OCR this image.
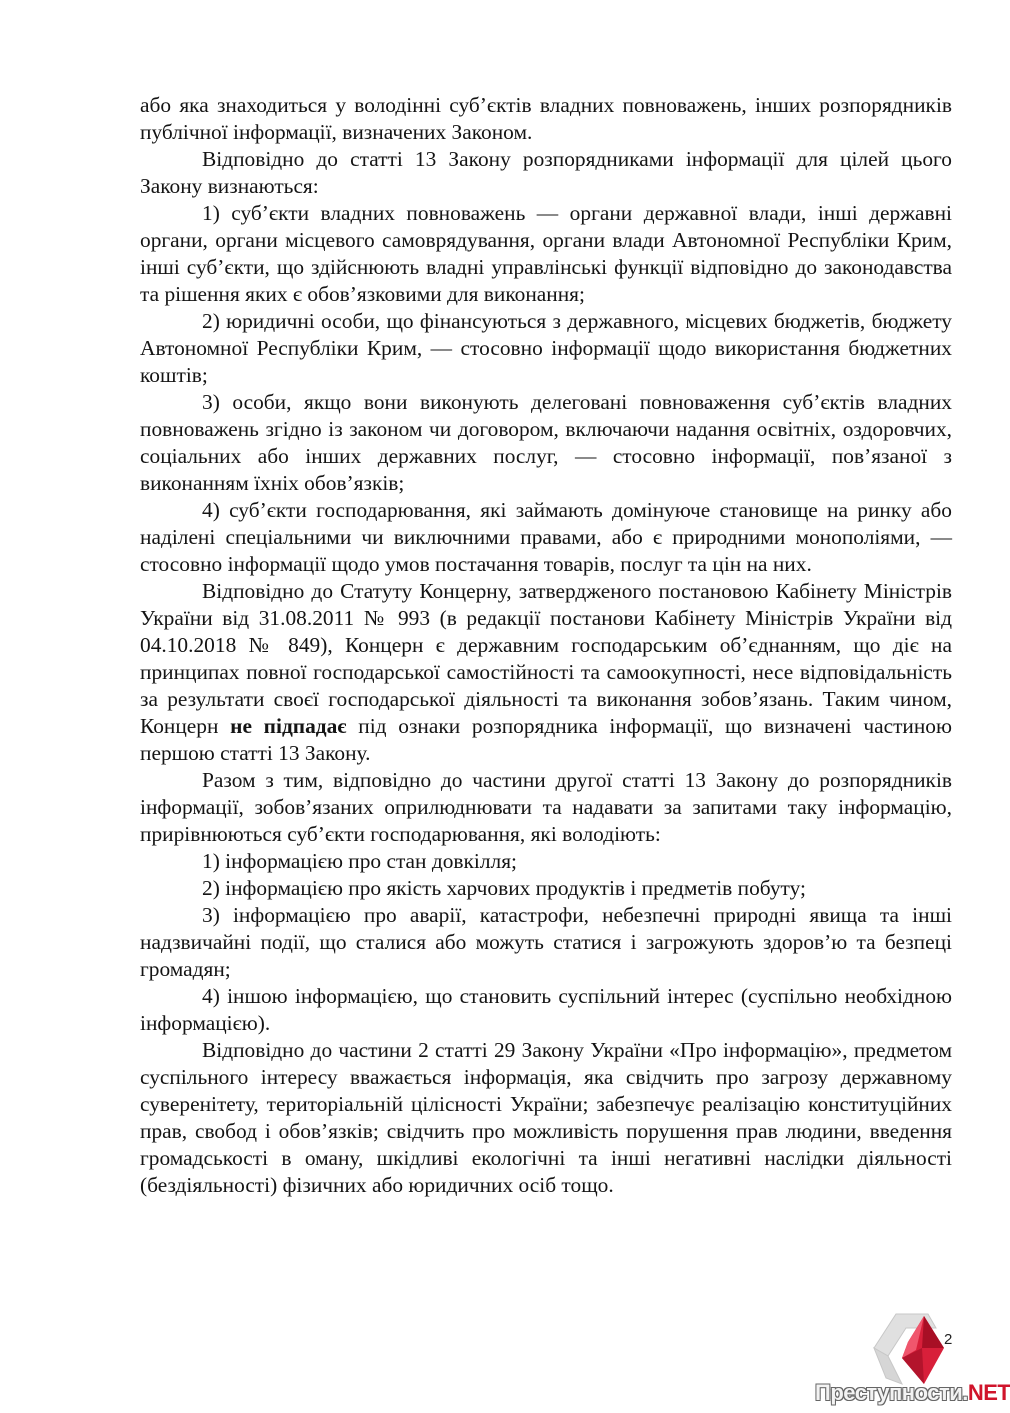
або яка знаходиться у володінні суб’єктів владних повноважень, інших розпорядників публічної інформації, визначених Законом.

Відповідно до статті 13 Закону розпорядниками інформації для цілей цього Закону визнаються:

1) суб’єкти владних повноважень — органи державної влади, інші державні органи, органи місцевого самоврядування, органи влади Автономної Республіки Крим, інші суб’єкти, що здійснюють владні управлінські функції відповідно до законодавства та рішення яких є обов’язковими для виконання;

2) юридичні особи, що фінансуються з державного, місцевих бюджетів, бюджету Автономної Республіки Крим, — стосовно інформації щодо використання бюджетних коштів;

3) особи, якщо вони виконують делеговані повноваження суб’єктів владних повноважень згідно із законом чи договором, включаючи надання освітніх, оздоровчих, соціальних або інших державних послуг, — стосовно інформації, пов’язаної з виконанням їхніх обов’язків;

4) суб’єкти господарювання, які займають домінуюче становище на ринку або наділені спеціальними чи виключними правами, або є природними монополіями, — стосовно інформації щодо умов постачання товарів, послуг та цін на них.

Відповідно до Статуту Концерну, затвердженого постановою Кабінету Міністрів України від 31.08.2011 № 993 (в редакції постанови Кабінету Міністрів України від 04.10.2018 № 849), Концерн є державним господарським об’єднанням, що діє на принципах повної господарської самостійності та самоокупності, несе відповідальність за результати своєї господарської діяльності та виконання зобов’язань. Таким чином, Концерн не підпадає під ознаки розпорядника інформації, що визначені частиною першою статті 13 Закону.

Разом з тим, відповідно до частини другої статті 13 Закону до розпорядників інформації, зобов’язаних оприлюднювати та надавати за запитами таку інформацію, прирівнюються суб’єкти господарювання, які володіють:

1) інформацією про стан довкілля;

2) інформацією про якість харчових продуктів і предметів побуту;

3) інформацією про аварії, катастрофи, небезпечні природні явища та інші надзвичайні події, що сталися або можуть статися і загрожують здоров’ю та безпеці громадян;

4) іншою інформацією, що становить суспільний інтерес (суспільно необхідною інформацією).

Відповідно до частини 2 статті 29 Закону України «Про інформацію», предметом суспільного інтересу вважається інформація, яка свідчить про загрозу державному суверенітету, територіальній цілісності України; забезпечує реалізацію конституційних прав, свобод і обов’язків; свідчить про можливість порушення прав людини, введення громадськості в оману, шкідливі екологічні та інші негативні наслідки діяльності (бездіяльності) фізичних або юридичних осіб тощо.

2
Преступности.NET
